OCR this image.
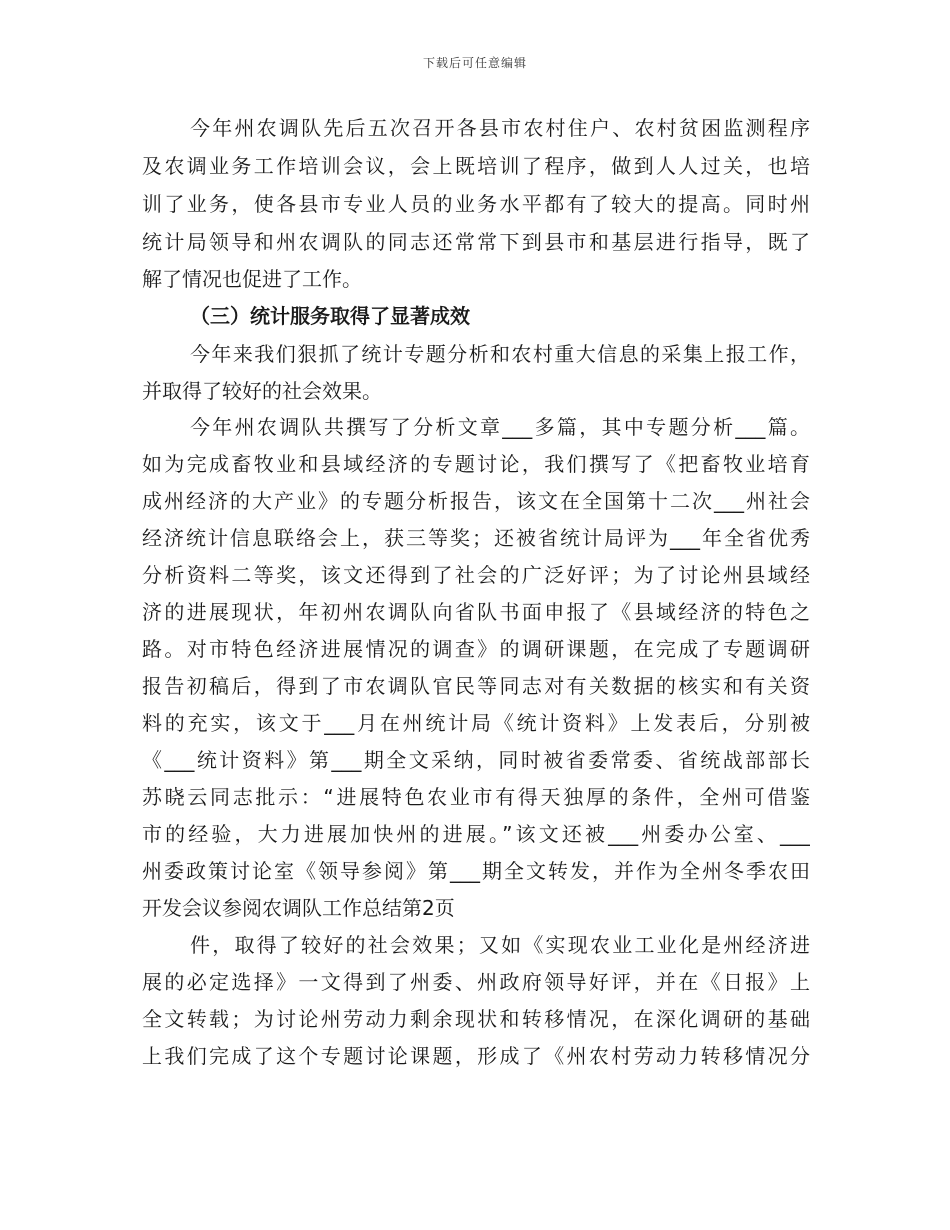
下载后可任意编辑
今年州农调队先后五次召开各县市农村住户、农村贫困监测程序
及农调业务工作培训会议，会上既培训了程序，做到人人过关，也培
训了业务，使各县市专业人员的业务水平都有了较大的提高。同时州
统计局领导和州农调队的同志还常常下到县市和基层进行指导，既了
解了情况也促进了工作。
（三）统计服务取得了显著成效
今年来我们狠抓了统计专题分析和农村重大信息的采集上报工作，
并取得了较好的社会效果。
今年州农调队共撰写了分析文章___多篇，其中专题分析___篇。
如为完成畜牧业和县域经济的专题讨论，我们撰写了《把畜牧业培育
成州经济的大产业》的专题分析报告，该文在全国第十二次___州社会
经济统计信息联络会上，获三等奖；还被省统计局评为___年全省优秀
分析资料二等奖，该文还得到了社会的广泛好评；为了讨论州县域经
济的进展现状，年初州农调队向省队书面申报了《县域经济的特色之
路。对市特色经济进展情况的调查》的调研课题，在完成了专题调研
报告初稿后，得到了市农调队官民等同志对有关数据的核实和有关资
料的充实，该文于___月在州统计局《统计资料》上发表后，分别被
《___统计资料》第___期全文采纳，同时被省委常委、省统战部部长
苏晓云同志批示：“进展特色农业市有得天独厚的条件，全州可借鉴
市的经验，大力进展加快州的进展。”该文还被___州委办公室、___
州委政策讨论室《领导参阅》第___期全文转发，并作为全州冬季农田
开发会议参阅农调队工作总结第2页
件，取得了较好的社会效果；又如《实现农业工业化是州经济进
展的必定选择》一文得到了州委、州政府领导好评，并在《日报》上
全文转载；为讨论州劳动力剩余现状和转移情况，在深化调研的基础
上我们完成了这个专题讨论课题，形成了《州农村劳动力转移情况分
